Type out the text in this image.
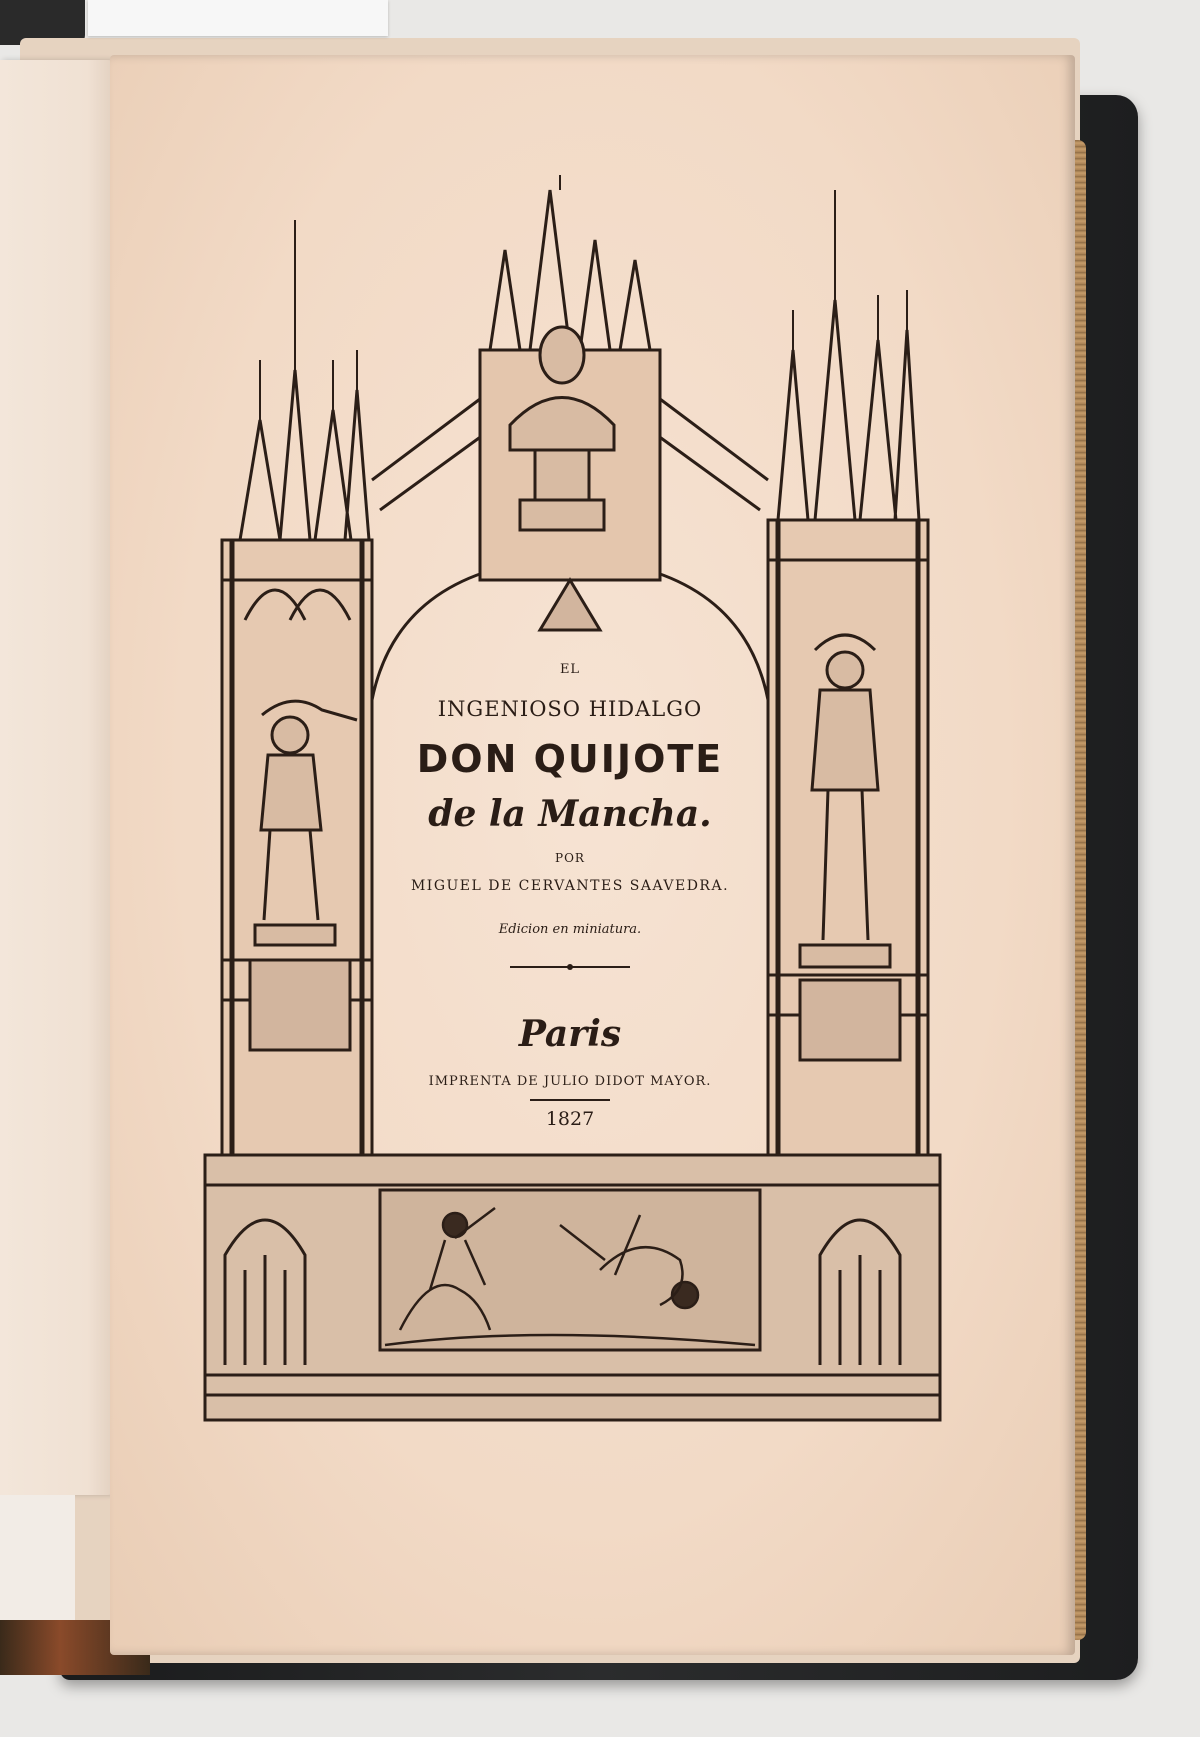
EL
INGENIOSO HIDALGO
DON QUIJOTE
de la Mancha.
POR
MIGUEL DE CERVANTES SAAVEDRA.
Edicion en miniatura.
Paris
IMPRENTA DE JULIO DIDOT MAYOR.
1827
